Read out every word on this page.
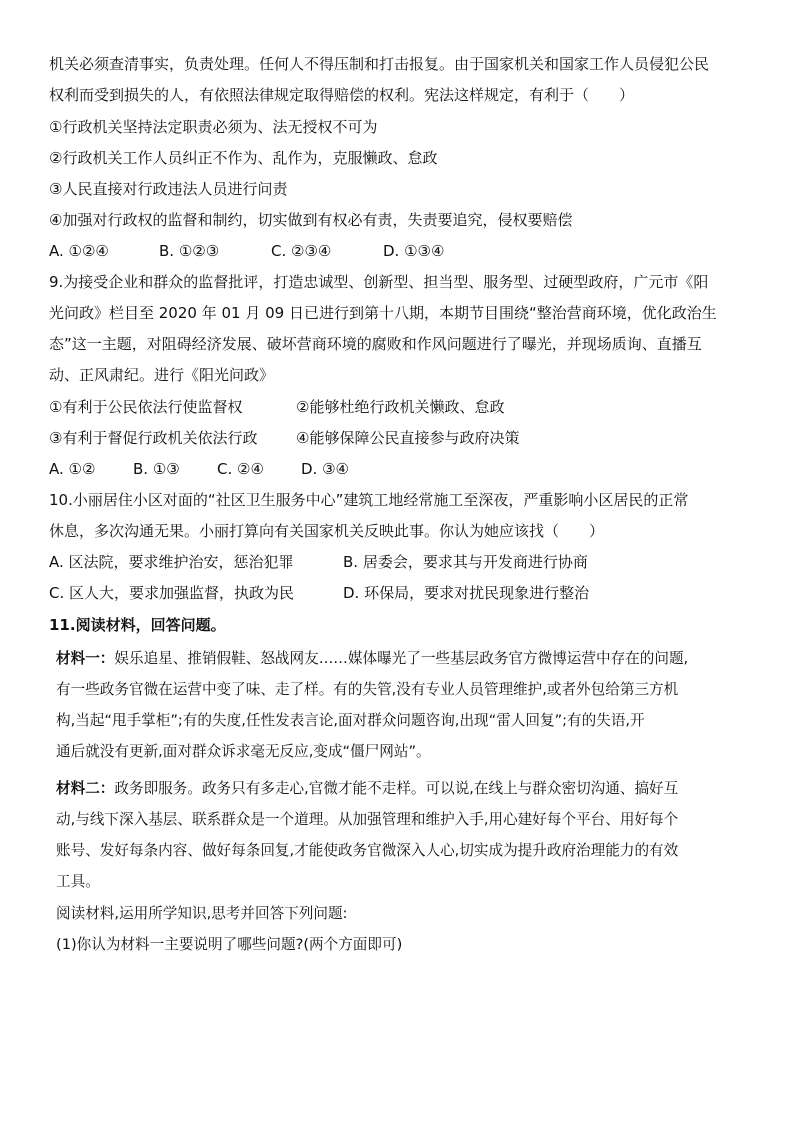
机关必须查清事实，负责处理。任何人不得压制和打击报复。由于国家机关和国家工作人员侵犯公民
权利而受到损失的人，有依照法律规定取得赔偿的权利。宪法这样规定，有利于（　　）
①行政机关坚持法定职责必须为、法无授权不可为
②行政机关工作人员纠正不作为、乱作为，克服懒政、怠政
③人民直接对行政违法人员进行问责
④加强对行政权的监督和制约，切实做到有权必有责，失责要追究，侵权要赔偿
A. ①②④	B. ①②③	C. ②③④	D. ①③④
9.为接受企业和群众的监督批评，打造忠诚型、创新型、担当型、服务型、过硬型政府，广元市《阳
光问政》栏目至 2020 年 01 月 09 日已进行到第十八期，本期节目围绕“整治营商环境，优化政治生
态”这一主题，对阻碍经济发展、破坏营商环境的腐败和作风问题进行了曝光，并现场质询、直播互
动、正风肃纪。进行《阳光问政》
①有利于公民依法行使监督权	②能够杜绝行政机关懒政、怠政
③有利于督促行政机关依法行政	④能够保障公民直接参与政府决策
A. ①②	B. ①③ C. ②④ D. ③④
10.小丽居住小区对面的“社区卫生服务中心”建筑工地经常施工至深夜，严重影响小区居民的正常
休息，多次沟通无果。小丽打算向有关国家机关反映此事。你认为她应该找（　　）
A. 区法院，要求维护治安，惩治犯罪	B. 居委会，要求其与开发商进行协商
C. 区人大，要求加强监督，执政为民	D. 环保局，要求对扰民现象进行整治
11.阅读材料，回答问题。
材料一：娱乐追星、推销假鞋、怒战网友……媒体曝光了一些基层政务官方微博运营中存在的问题,
有一些政务官微在运营中变了味、走了样。有的失管,没有专业人员管理维护,或者外包给第三方机
构,当起“甩手掌柜”;有的失度,任性发表言论,面对群众问题咨询,出现“雷人回复”;有的失语,开
通后就没有更新,面对群众诉求毫无反应,变成“僵尸网站”。
材料二：政务即服务。政务只有多走心,官微才能不走样。可以说,在线上与群众密切沟通、搞好互
动,与线下深入基层、联系群众是一个道理。从加强管理和维护入手,用心建好每个平台、用好每个
账号、发好每条内容、做好每条回复,才能使政务官微深入人心,切实成为提升政府治理能力的有效
工具。
阅读材料,运用所学知识,思考并回答下列问题:
(1)你认为材料一主要说明了哪些问题?(两个方面即可)
